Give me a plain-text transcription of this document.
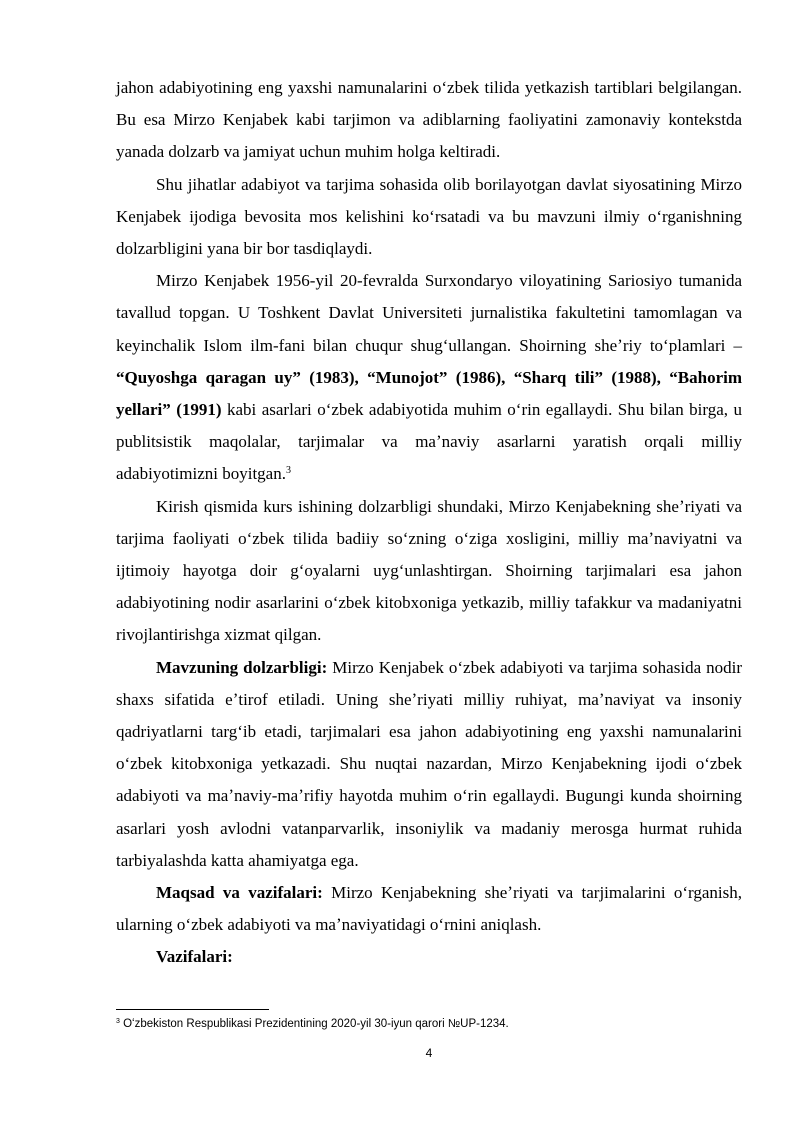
jahon adabiyotining eng yaxshi namunalarini oʻzbek tilida yetkazish tartiblari belgilangan. Bu esa Mirzo Kenjabek kabi tarjimon va adiblarning faoliyatini zamonaviy kontekstda yanada dolzarb va jamiyat uchun muhim holga keltiradi.

Shu jihatlar adabiyot va tarjima sohasida olib borilayotgan davlat siyosatining Mirzo Kenjabek ijodiga bevosita mos kelishini koʻrsatadi va bu mavzuni ilmiy oʻrganishning dolzarbligini yana bir bor tasdiqlaydi.

Mirzo Kenjabek 1956-yil 20-fevralda Surxondaryo viloyatining Sariosiyo tumanida tavallud topgan. U Toshkent Davlat Universiteti jurnalistika fakultetini tamomlagan va keyinchalik Islom ilm-fani bilan chuqur shugʻullangan. Shoirning sheʼriy toʻplamlari – “Quyoshga qaragan uy” (1983), “Munojot” (1986), “Sharq tili” (1988), “Bahorim yellari” (1991) kabi asarlari oʻzbek adabiyotida muhim oʻrin egallaydi. Shu bilan birga, u publitsistik maqolalar, tarjimalar va maʼnaviy asarlarni yaratish orqali milliy adabiyotimizni boyitgan.$^3$

Kirish qismida kurs ishining dolzarbligi shundaki, Mirzo Kenjabekning sheʼriyati va tarjima faoliyati oʻzbek tilida badiiy soʻzning oʻziga xosligini, milliy maʼnaviyatni va ijtimoiy hayotga doir gʻoyalarni uygʻunlashtirgan. Shoirning tarjimalari esa jahon adabiyotining nodir asarlarini oʻzbek kitobxoniga yetkazib, milliy tafakkur va madaniyatni rivojlantirishga xizmat qilgan.

Mavzuning dolzarbligi: Mirzo Kenjabek oʻzbek adabiyoti va tarjima sohasida nodir shaxs sifatida eʼtirof etiladi. Uning sheʼriyati milliy ruhiyat, maʼnaviyat va insoniy qadriyatlarni targʻib etadi, tarjimalari esa jahon adabiyotining eng yaxshi namunalarini oʻzbek kitobxoniga yetkazadi. Shu nuqtai nazardan, Mirzo Kenjabekning ijodi oʻzbek adabiyoti va maʼnaviy-maʼrifiy hayotda muhim oʻrin egallaydi. Bugungi kunda shoirning asarlari yosh avlodni vatanparvarlik, insoniylik va madaniy merosga hurmat ruhida tarbiyalashda katta ahamiyatga ega.

Maqsad va vazifalari: Mirzo Kenjabekning sheʼriyati va tarjimalarini oʻrganish, ularning oʻzbek adabiyoti va maʼnaviyatidagi oʻrnini aniqlash.

Vazifalari:

$^3$ Oʻzbekiston Respublikasi Prezidentining 2020-yil 30-iyun qarori №UP-1234.
4
